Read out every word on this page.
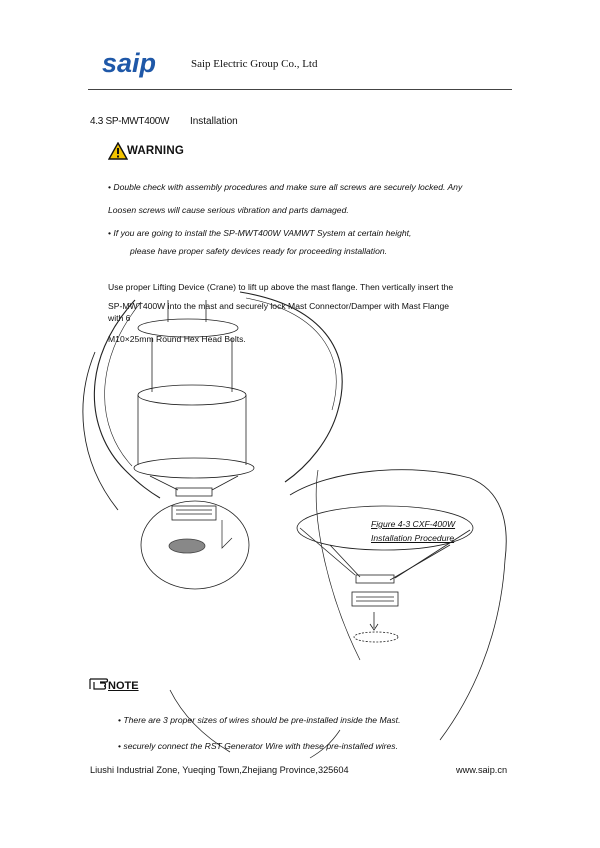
saip	Saip Electric Group Co., Ltd
4.3 SP-MWT400W Installation
WARNING
• Double check with assembly procedures and make sure all screws are securely locked. Any
Loosen screws will cause serious vibration and parts damaged.
• If you are going to install the SP-MWT400W VAMWT System at certain height,
please have proper safety devices ready for proceeding installation.
Use proper Lifting Device (Crane) to lift up above the mast flange. Then vertically insert the
SP-MWT400W into the mast and securely lock Mast Connector/Damper with Mast Flange
with 6
M10×25mm Round Hex Head Bolts.
Figure 4-3 CXF-400W
Installation Procedure
NOTE
• There are 3 proper sizes of wires should be pre-installed inside the Mast.
• securely connect the RST Generator Wire with these pre-installed wires.
Liushi Industrial Zone, Yueqing Town,Zhejiang Province,325604	www.saip.cn
